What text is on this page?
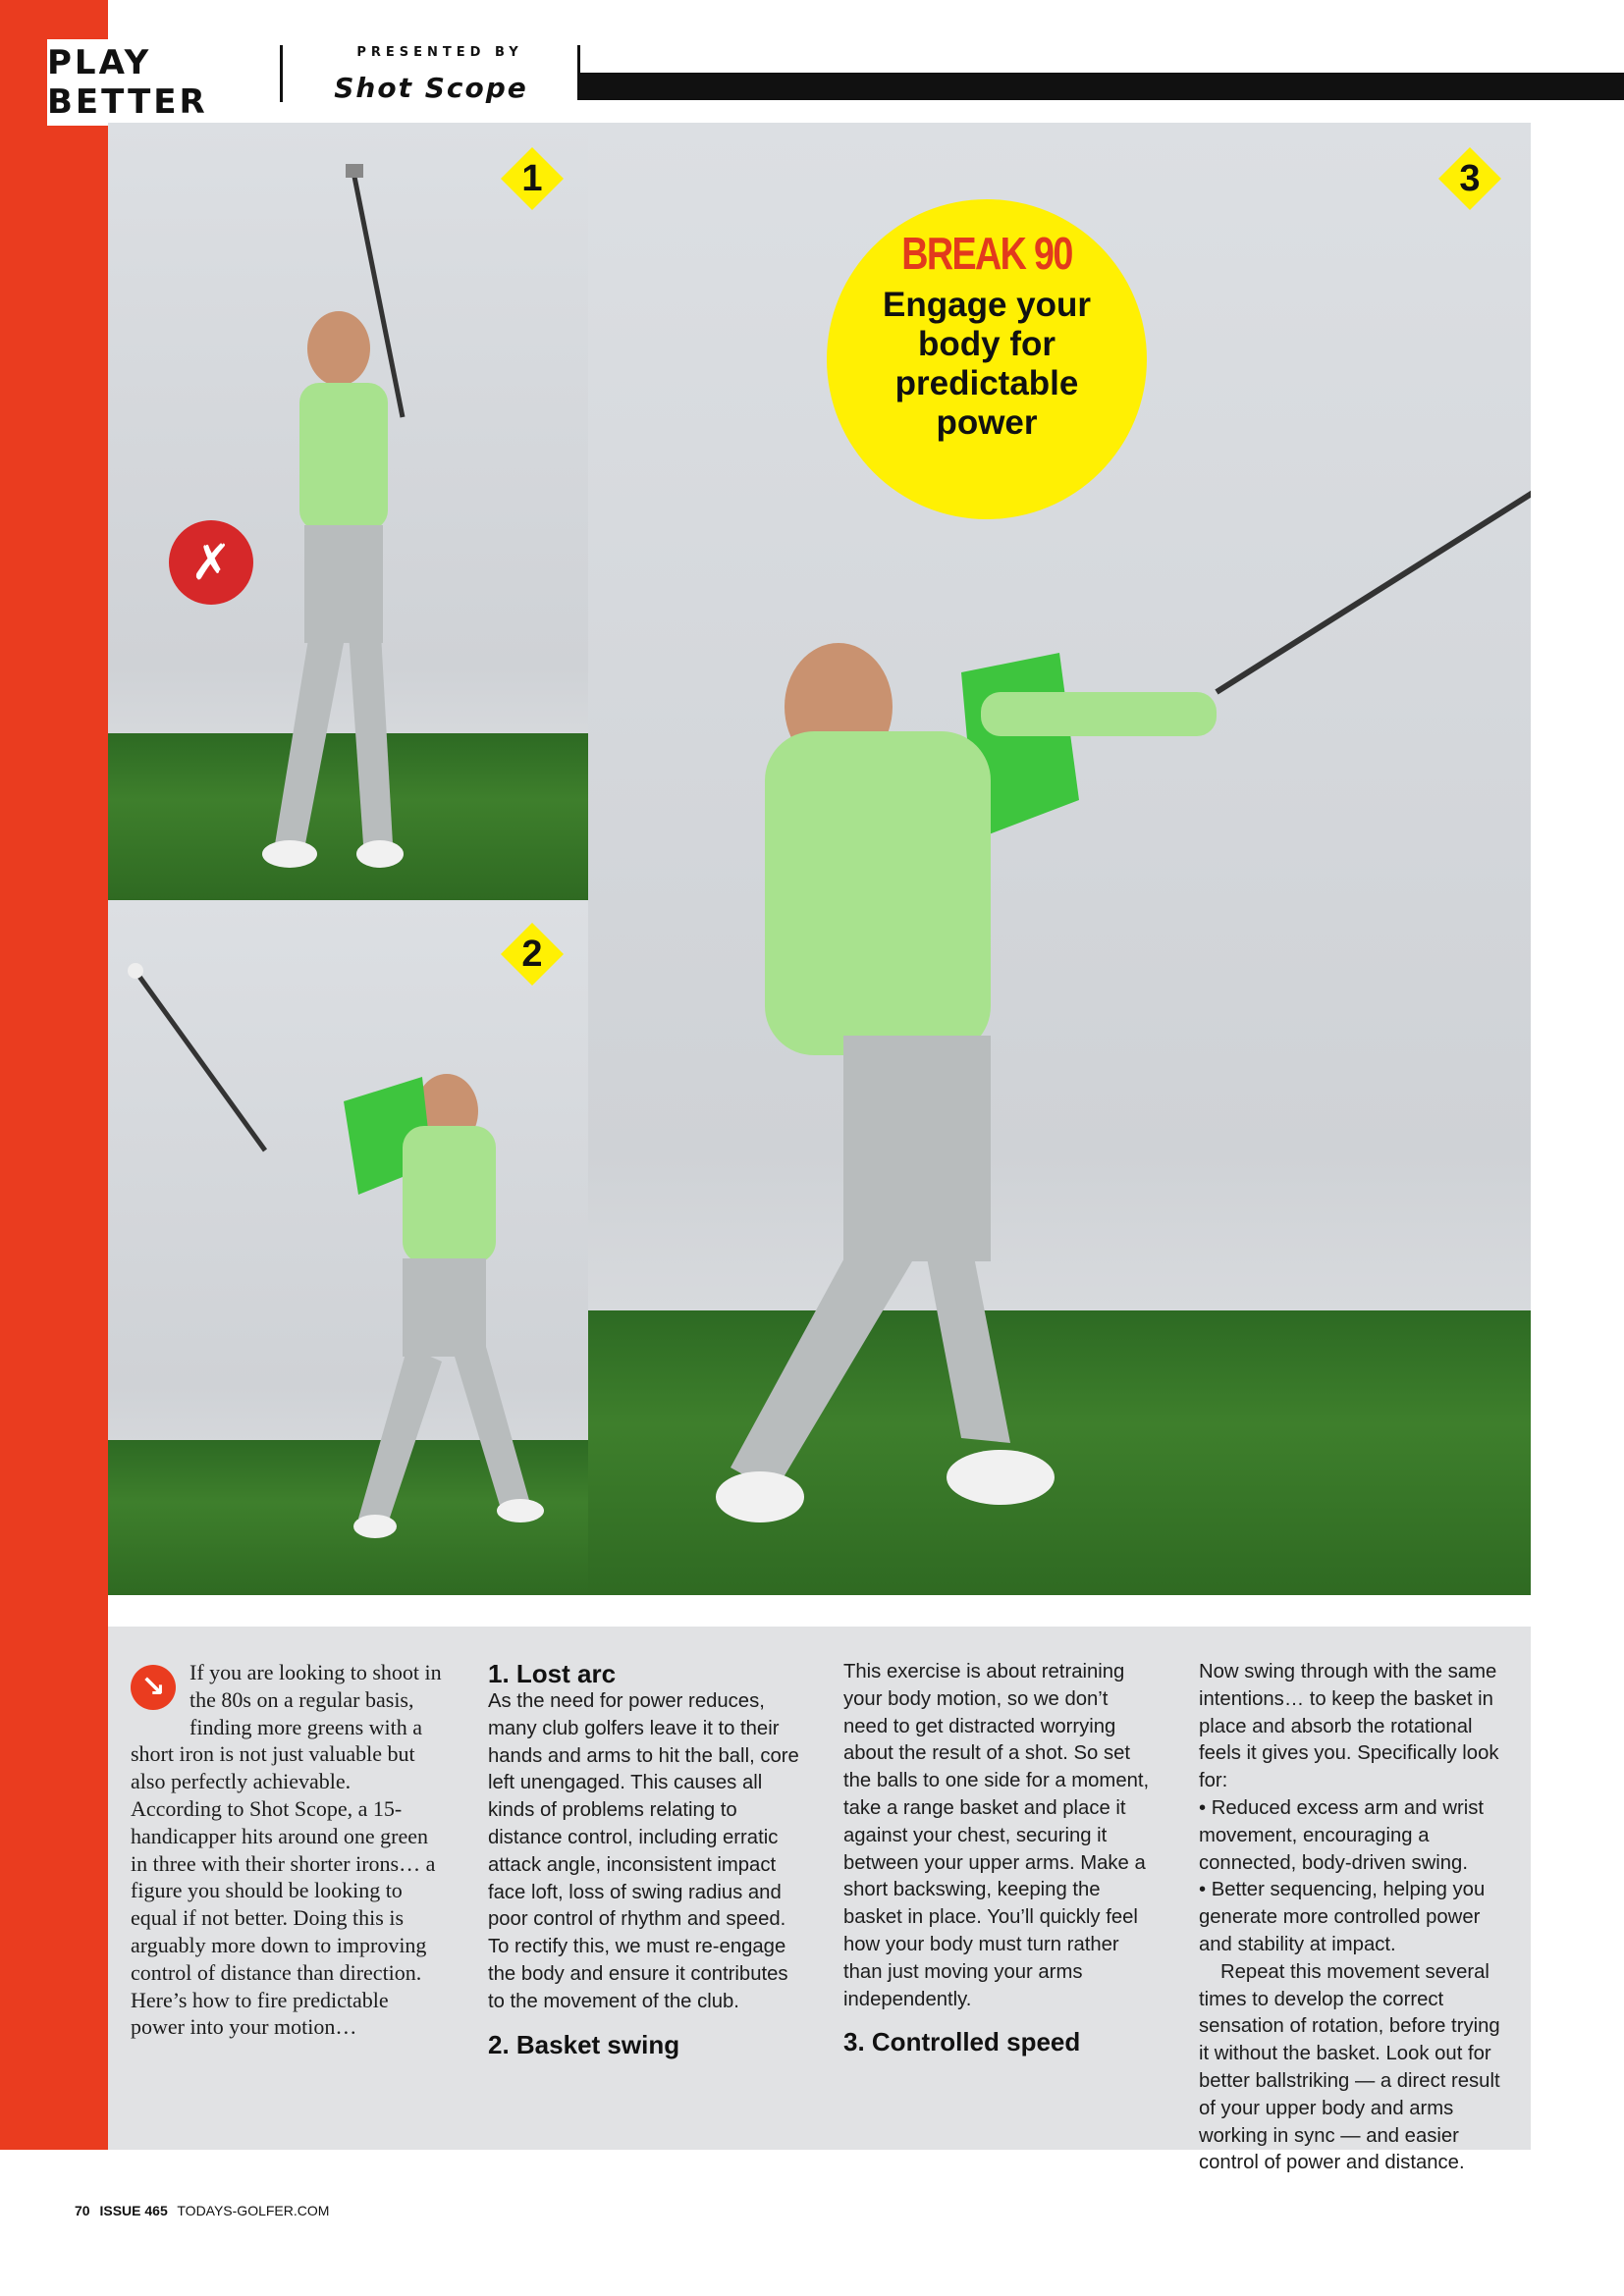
PLAY BETTER
PRESENTED BY
Shot Scope
1
✗
2
3
BREAK 90
Engage your body for predictable power
↘	If you are looking to shoot in the 80s on a regular basis, finding more greens with a short iron is not just valuable but also perfectly achievable. According to Shot Scope, a 15-handicapper hits around one green in three with their shorter irons… a figure you should be looking to equal if not better. Doing this is arguably more down to improving control of distance than direction. Here’s how to fire predictable power into your motion…

1. Lost arc

As the need for power reduces, many club golfers leave it to their hands and arms to hit the ball, core left unengaged. This causes all kinds of problems relating to distance control, including erratic attack angle, inconsistent impact face loft, loss of swing radius and poor control of rhythm and speed. To rectify this, we must re-engage the body and ensure it contributes to the movement of the club.

2. Basket swing

This exercise is about retraining your body motion, so we don’t need to get distracted worrying about the result of a shot. So set the balls to one side for a moment, take a range basket and place it against your chest, securing it between your upper arms. Make a short backswing, keeping the basket in place. You’ll quickly feel how your body must turn rather than just moving your arms independently.

3. Controlled speed

Now swing through with the same intentions… to keep the basket in place and absorb the rotational feels it gives you. Specifically look for:

• Reduced excess arm and wrist movement, encouraging a connected, body-driven swing.

• Better sequencing, helping you generate more controlled power and stability at impact.

Repeat this movement several times to develop the correct sensation of rotation, before trying it without the basket. Look out for better ballstriking — a direct result of your upper body and arms working in sync — and easier control of power and distance.

70 ISSUE 465 TODAYS-GOLFER.COM
